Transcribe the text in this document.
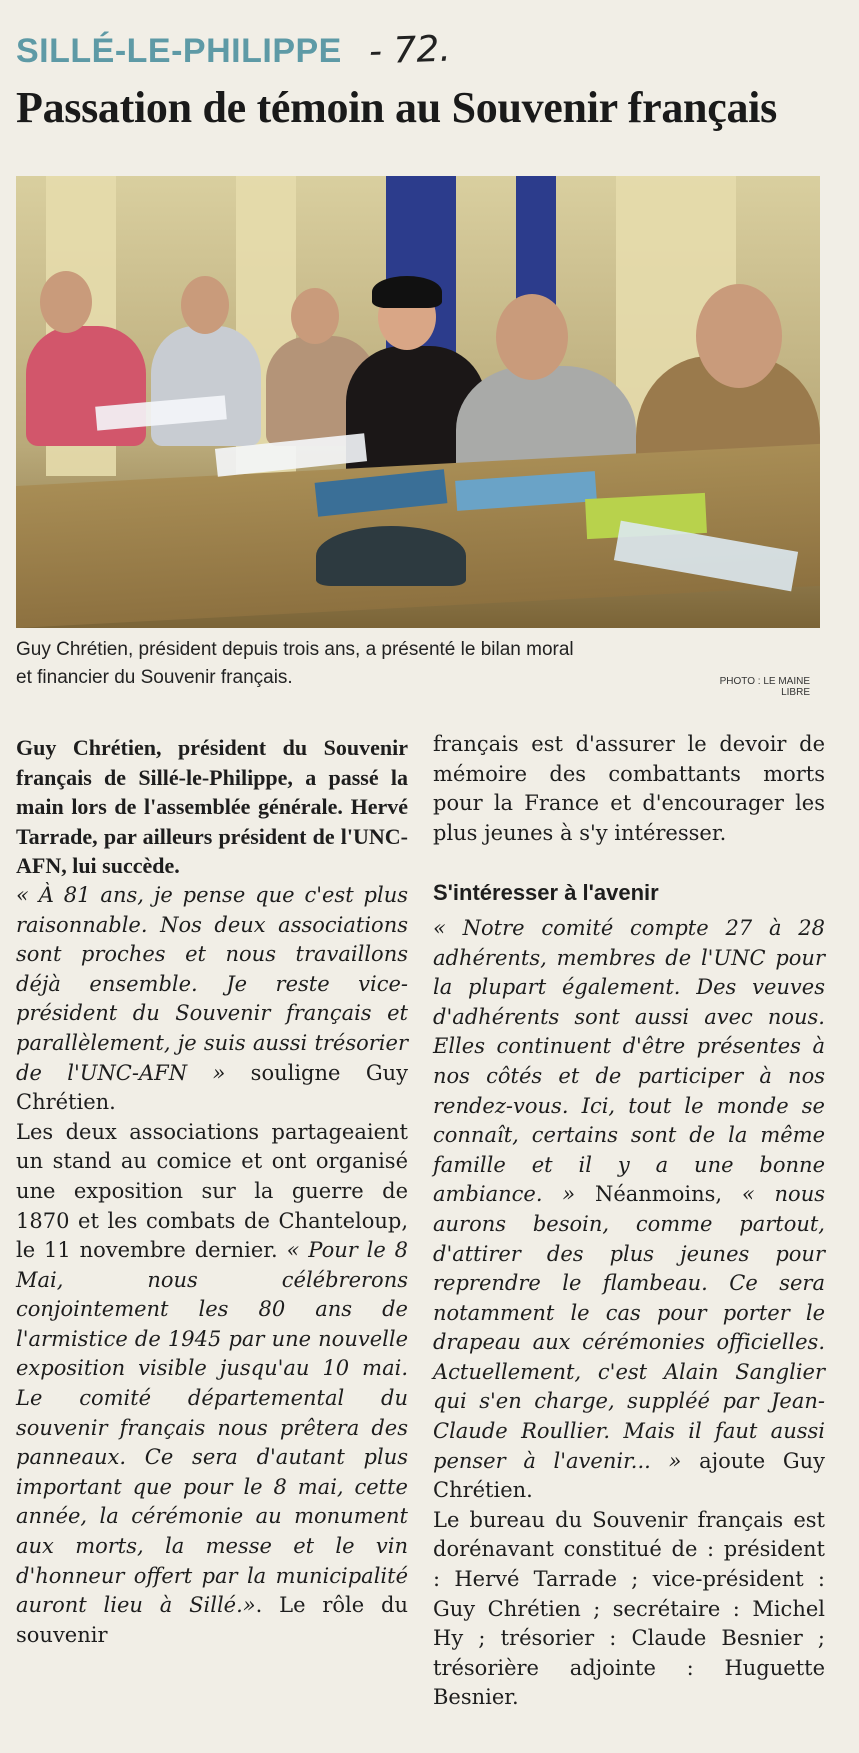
SILLÉ-LE-PHILIPPE - 72.
Passation de témoin au Souvenir français
Guy Chrétien, président depuis trois ans, a présenté le bilan moral
et financier du Souvenir français.	PHOTO : LE MAINE LIBRE

Guy Chrétien, président du Souvenir français de Sillé-le-Philippe, a passé la main lors de l'assemblée générale. Hervé Tarrade, par ailleurs président de l'UNC-AFN, lui succède.

« À 81 ans, je pense que c'est plus raisonnable. Nos deux associations sont proches et nous travaillons déjà ensemble. Je reste vice-président du Souvenir français et parallèlement, je suis aussi trésorier de l'UNC-AFN » souligne Guy Chrétien.

Les deux associations partageaient un stand au comice et ont organisé une exposition sur la guerre de 1870 et les combats de Chanteloup, le 11 novembre dernier. « Pour le 8 Mai, nous célébrerons conjointement les 80 ans de l'armistice de 1945 par une nouvelle exposition visible jusqu'au 10 mai. Le comité départemental du souvenir français nous prêtera des panneaux. Ce sera d'autant plus important que pour le 8 mai, cette année, la cérémonie au monument aux morts, la messe et le vin d'honneur offert par la municipalité auront lieu à Sillé.». Le rôle du souvenir

français est d'assurer le devoir de mémoire des combattants morts pour la France et d'encourager les plus jeunes à s'y intéresser.

S'intéresser à l'avenir

« Notre comité compte 27 à 28 adhérents, membres de l'UNC pour la plupart également. Des veuves d'adhérents sont aussi avec nous. Elles continuent d'être présentes à nos côtés et de participer à nos rendez-vous. Ici, tout le monde se connaît, certains sont de la même famille et il y a une bonne ambiance. » Néanmoins, « nous aurons besoin, comme partout, d'attirer des plus jeunes pour reprendre le flambeau. Ce sera notamment le cas pour porter le drapeau aux cérémonies officielles. Actuellement, c'est Alain Sanglier qui s'en charge, suppléé par Jean-Claude Roullier. Mais il faut aussi penser à l'avenir... » ajoute Guy Chrétien.

Le bureau du Souvenir français est dorénavant constitué de : président : Hervé Tarrade ; vice-président : Guy Chrétien ; secrétaire : Michel Hy ; trésorier : Claude Besnier ; trésorière adjointe : Huguette Besnier.
